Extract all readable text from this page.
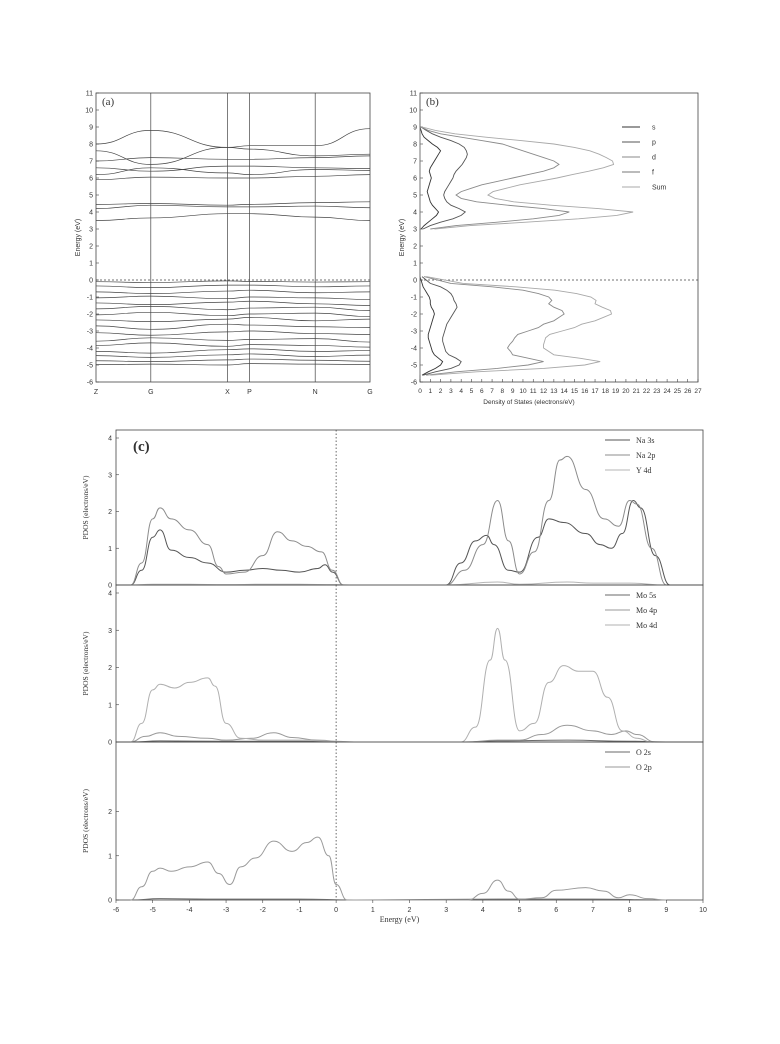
-6
-5
-4
-3
-2
-1
0
1
2
3
4
5
6
7
8
9
10
11
Energy (eV)
(a)
Z	G	X P	N	G
-6
-5
-4
-3
-2
-1
0
1
2
3
4
5
6
7
8
9
10
11
0 1 2 3 4 5 6 7 8 9 10 11 12 13 14 15 16 17 18 19 20 21 22 23 24 25 26 27
Density of States (electrons/eV)
Energy (eV)
(b)
s
p
d
f
Sum
0
1
2
3
4
PDOS (electrons/eV)
Na 3s
Na 2p
Y 4d
(c)
0
1
2
3
4
PDOS (electrons/eV)
Mo 5s
Mo 4p
Mo 4d
0
1
2
PDOS (electrons/eV)
O 2s
O 2p
-6	-5	-4	-3	-2	-1	0	1	2	3	4	5	6	7	8	9	10
Energy (eV)
